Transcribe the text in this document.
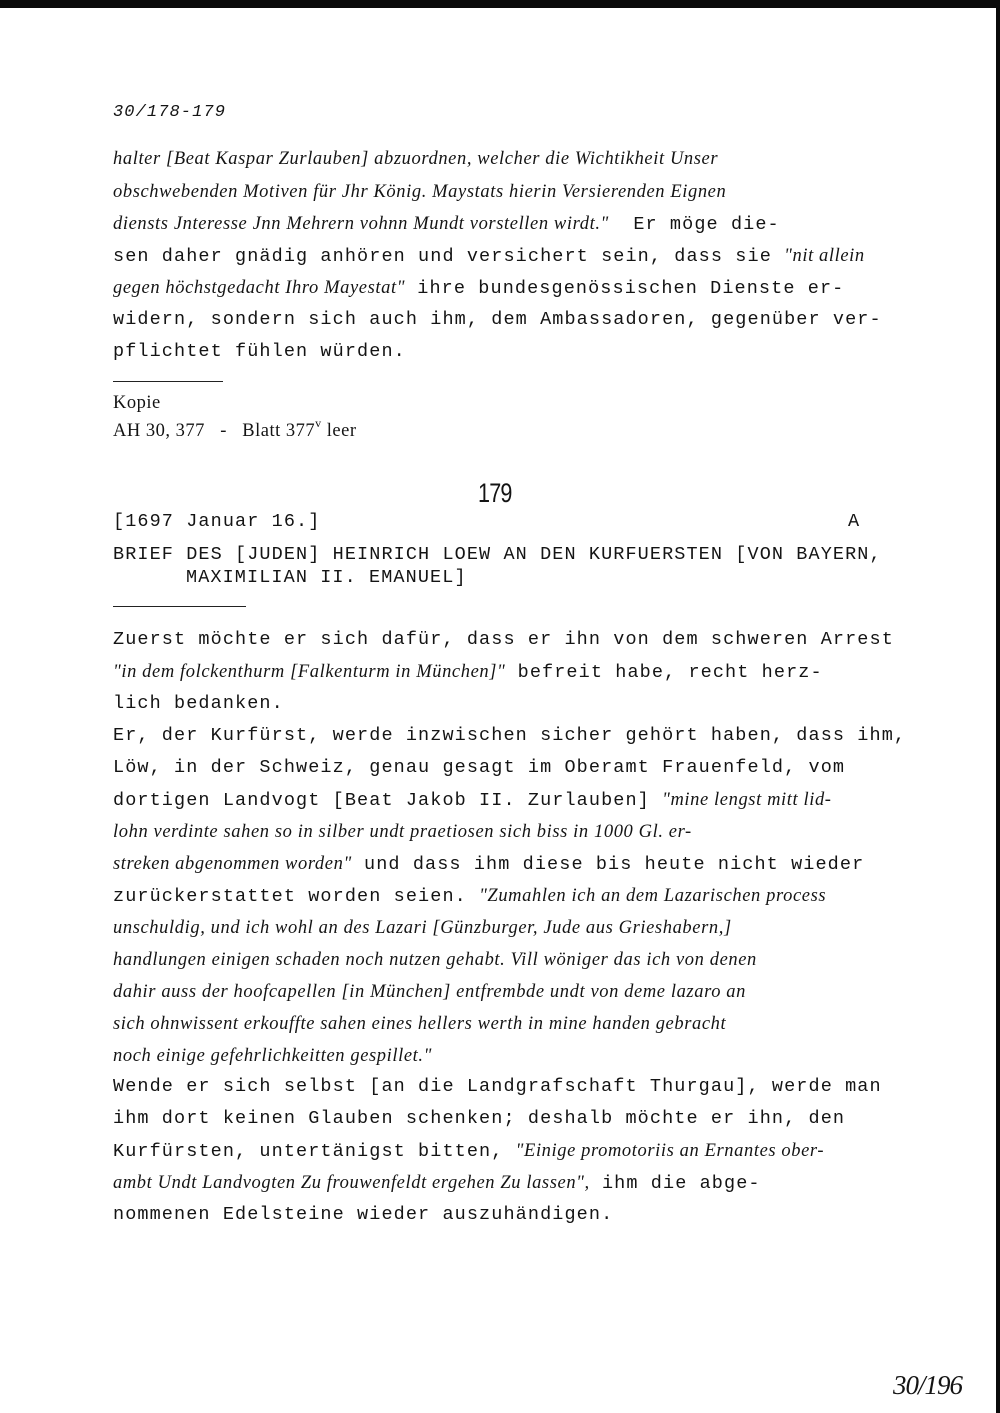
30/178-179
halter [Beat Kaspar Zurlauben] abzuordnen, welcher die Wichtikheit Unser
obschwebenden Motiven für Jhr König. Maystats hierin Versierenden Eignen
diensts Jnteresse Jnn Mehrern vohnn Mundt vorstellen wirdt." Er möge die-
sen daher gnädig anhören und versichert sein, dass sie "nit allein
gegen höchstgedacht Ihro Mayestat" ihre bundesgenössischen Dienste er-
widern, sondern sich auch ihm, dem Ambassadoren, gegenüber ver-
pflichtet fühlen würden.
Kopie
AH 30, 377 - Blatt 377$^v$ leer
179
[1697 Januar 16.]	A
BRIEF DES [JUDEN] HEINRICH LOEW AN DEN KURFUERSTEN [VON BAYERN,
MAXIMILIAN II. EMANUEL]
Zuerst möchte er sich dafür, dass er ihn von dem schweren Arrest
"in dem folckenthurm [Falkenturm in München]" befreit habe, recht herz-
lich bedanken.
Er, der Kurfürst, werde inzwischen sicher gehört haben, dass ihm,
Löw, in der Schweiz, genau gesagt im Oberamt Frauenfeld, vom
dortigen Landvogt [Beat Jakob II. Zurlauben] "mine lengst mitt lid-
lohn verdinte sahen so in silber undt praetiosen sich biss in 1000 Gl. er-
streken abgenommen worden" und dass ihm diese bis heute nicht wieder
zurückerstattet worden seien. "Zumahlen ich an dem Lazarischen process
unschuldig, und ich wohl an des Lazari [Günzburger, Jude aus Grieshabern,]
handlungen einigen schaden noch nutzen gehabt. Vill wöniger das ich von denen
dahir auss der hoofcapellen [in München] entfrembde undt von deme lazaro an
sich ohnwissent erkouffte sahen eines hellers werth in mine handen gebracht
noch einige gefehrlichkeitten gespillet."
Wende er sich selbst [an die Landgrafschaft Thurgau], werde man
ihm dort keinen Glauben schenken; deshalb möchte er ihn, den
Kurfürsten, untertänigst bitten, "Einige promotoriis an Ernantes ober-
ambt Undt Landvogten Zu frouwenfeldt ergehen Zu lassen", ihm die abge-
nommenen Edelsteine wieder auszuhändigen.
30/196
